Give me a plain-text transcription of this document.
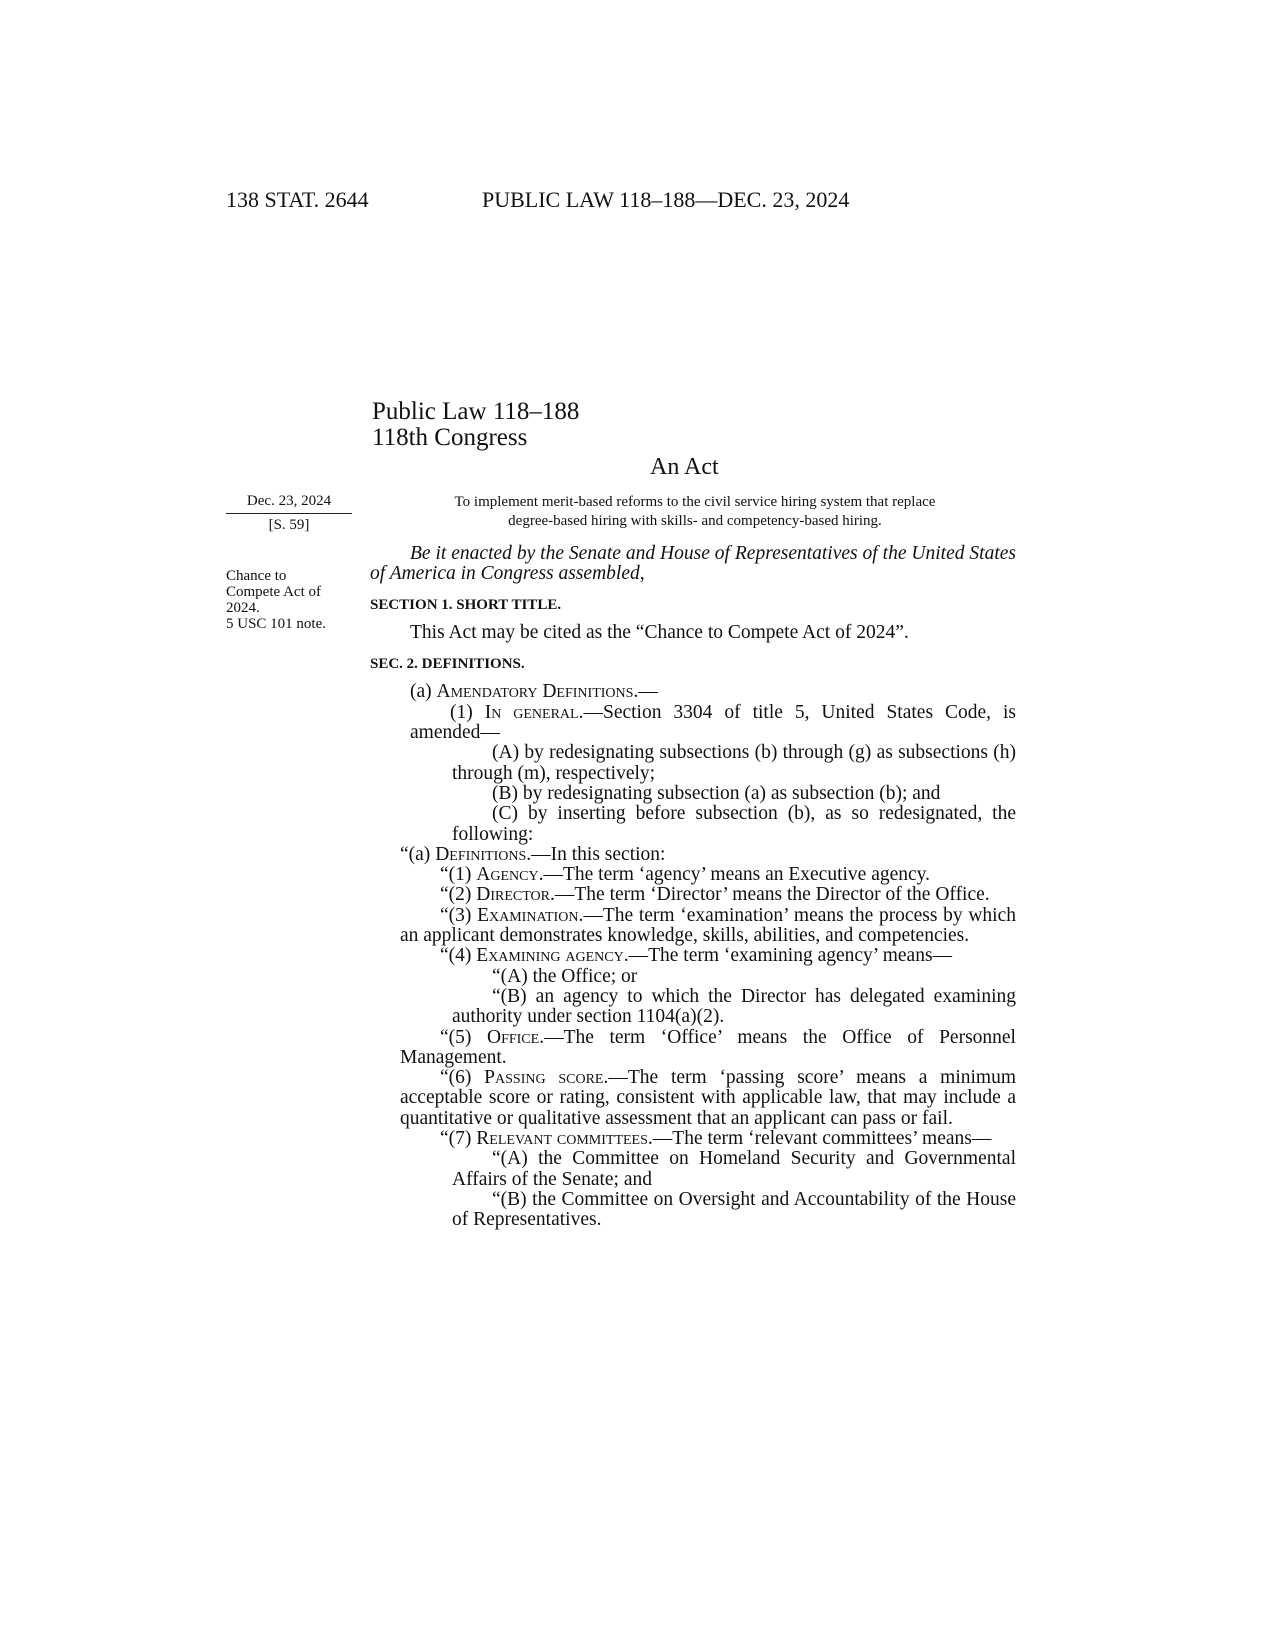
138 STAT. 2644	PUBLIC LAW 118–188—DEC. 23, 2024
Public Law 118–188
118th Congress
An Act
Dec. 23, 2024
[S. 59]
Chance to
Compete Act of
2024.
5 USC 101 note.
To implement merit-based reforms to the civil service hiring system that replace
degree-based hiring with skills- and competency-based hiring.
Be it enacted by the Senate and House of Representatives of the United States of America in Congress assembled,
SECTION 1. SHORT TITLE.
This Act may be cited as the “Chance to Compete Act of 2024”.
SEC. 2. DEFINITIONS.
(a) Amendatory Definitions.—
(1) In general.—Section 3304 of title 5, United States Code, is amended—
(A) by redesignating subsections (b) through (g) as subsections (h) through (m), respectively;
(B) by redesignating subsection (a) as subsection (b); and
(C) by inserting before subsection (b), as so redesignated, the following:
“(a) Definitions.—In this section:
“(1) Agency.—The term ‘agency’ means an Executive agency.
“(2) Director.—The term ‘Director’ means the Director of the Office.
“(3) Examination.—The term ‘examination’ means the process by which an applicant demonstrates knowledge, skills, abilities, and competencies.
“(4) Examining agency.—The term ‘examining agency’ means—
“(A) the Office; or
“(B) an agency to which the Director has delegated examining authority under section 1104(a)(2).
“(5) Office.—The term ‘Office’ means the Office of Personnel Management.
“(6) Passing score.—The term ‘passing score’ means a minimum acceptable score or rating, consistent with applicable law, that may include a quantitative or qualitative assessment that an applicant can pass or fail.
“(7) Relevant committees.—The term ‘relevant committees’ means—
“(A) the Committee on Homeland Security and Governmental Affairs of the Senate; and
“(B) the Committee on Oversight and Accountability of the House of Representatives.
